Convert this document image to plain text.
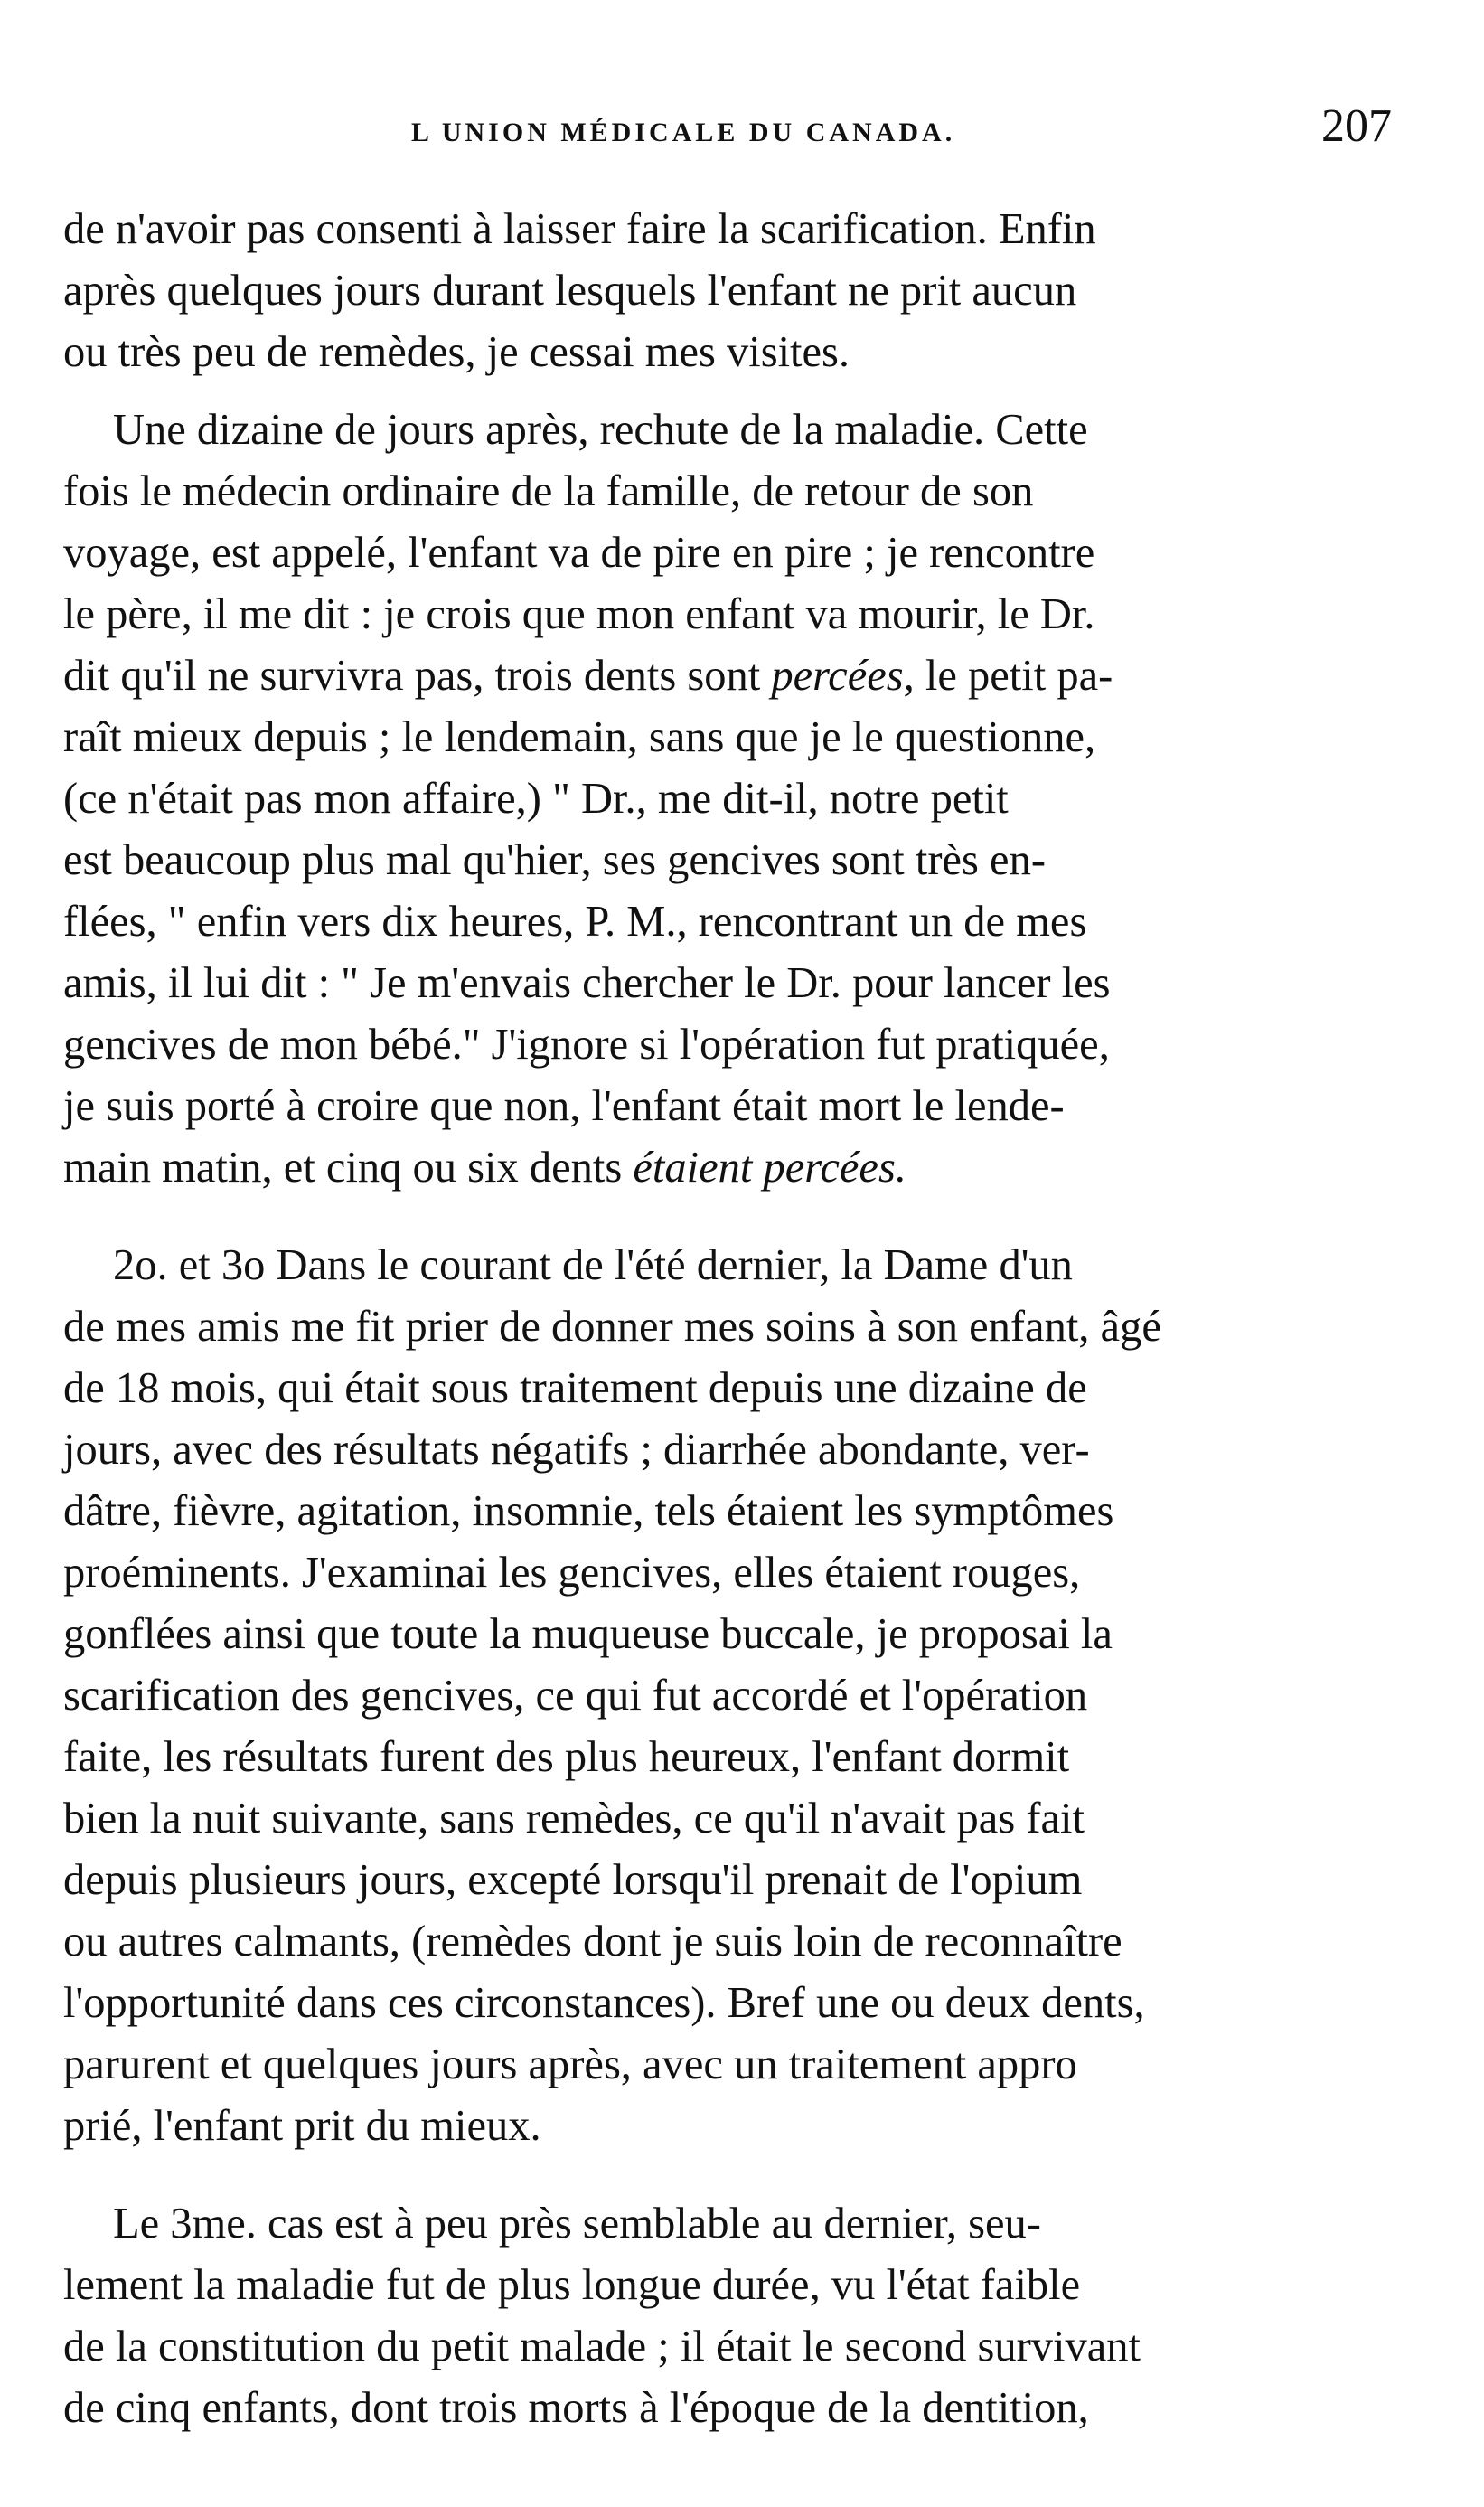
L UNION MÉDICALE DU CANADA.	207
de n'avoir pas consenti à laisser faire la scarification. Enfin
après quelques jours durant lesquels l'enfant ne prit aucun
ou très peu de remèdes, je cessai mes visites.
Une dizaine de jours après, rechute de la maladie. Cette
fois le médecin ordinaire de la famille, de retour de son
voyage, est appelé, l'enfant va de pire en pire ; je rencontre
le père, il me dit : je crois que mon enfant va mourir, le Dr.
dit qu'il ne survivra pas, trois dents sont percées, le petit pa-
raît mieux depuis ; le lendemain, sans que je le questionne,
(ce n'était pas mon affaire,) " Dr., me dit-il, notre petit
est beaucoup plus mal qu'hier, ses gencives sont très en-
flées, " enfin vers dix heures, P. M., rencontrant un de mes
amis, il lui dit : " Je m'envais chercher le Dr. pour lancer les
gencives de mon bébé." J'ignore si l'opération fut pratiquée,
je suis porté à croire que non, l'enfant était mort le lende-
main matin, et cinq ou six dents étaient percées.
2o. et 3o Dans le courant de l'été dernier, la Dame d'un
de mes amis me fit prier de donner mes soins à son enfant, âgé
de 18 mois, qui était sous traitement depuis une dizaine de
jours, avec des résultats négatifs ; diarrhée abondante, ver-
dâtre, fièvre, agitation, insomnie, tels étaient les symptômes
proéminents. J'examinai les gencives, elles étaient rouges,
gonflées ainsi que toute la muqueuse buccale, je proposai la
scarification des gencives, ce qui fut accordé et l'opération
faite, les résultats furent des plus heureux, l'enfant dormit
bien la nuit suivante, sans remèdes, ce qu'il n'avait pas fait
depuis plusieurs jours, excepté lorsqu'il prenait de l'opium
ou autres calmants, (remèdes dont je suis loin de reconnaître
l'opportunité dans ces circonstances). Bref une ou deux dents,
parurent et quelques jours après, avec un traitement appro
prié, l'enfant prit du mieux.
Le 3me. cas est à peu près semblable au dernier, seu-
lement la maladie fut de plus longue durée, vu l'état faible
de la constitution du petit malade ; il était le second survivant
de cinq enfants, dont trois morts à l'époque de la dentition,
